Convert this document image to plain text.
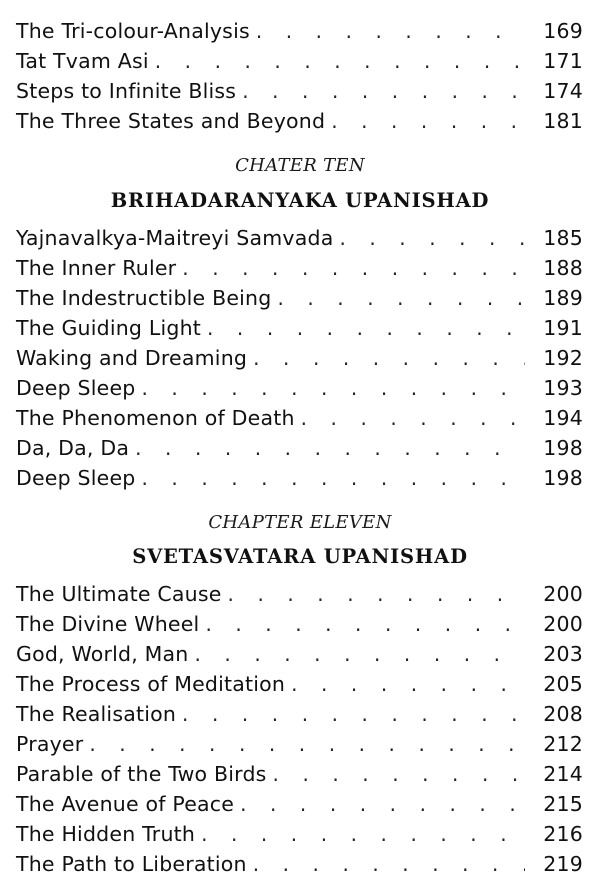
The Tri-colour-Analysis . . .	169
Tat Tvam Asi . . .	171
Steps to Infinite Bliss . . .	174
The Three States and Beyond . . .	181
CHATER TEN
BRIHADARANYAKA UPANISHAD
Yajnavalkya-Maitreyi Samvada . . .	185
The Inner Ruler . . .	188
The Indestructible Being . . .	189
The Guiding Light . . .	191
Waking and Dreaming . . .	192
Deep Sleep . . .	193
The Phenomenon of Death . . .	194
Da, Da, Da . . .	198
Deep Sleep . . .	198
CHAPTER ELEVEN
SVETASVATARA UPANISHAD
The Ultimate Cause . . .	200
The Divine Wheel . . .	200
God, World, Man . . .	203
The Process of Meditation . . .	205
The Realisation . . .	208
Prayer . . .	212
Parable of the Two Birds . . .	214
The Avenue of Peace . . .	215
The Hidden Truth . . .	216
The Path to Liberation . . .	219
